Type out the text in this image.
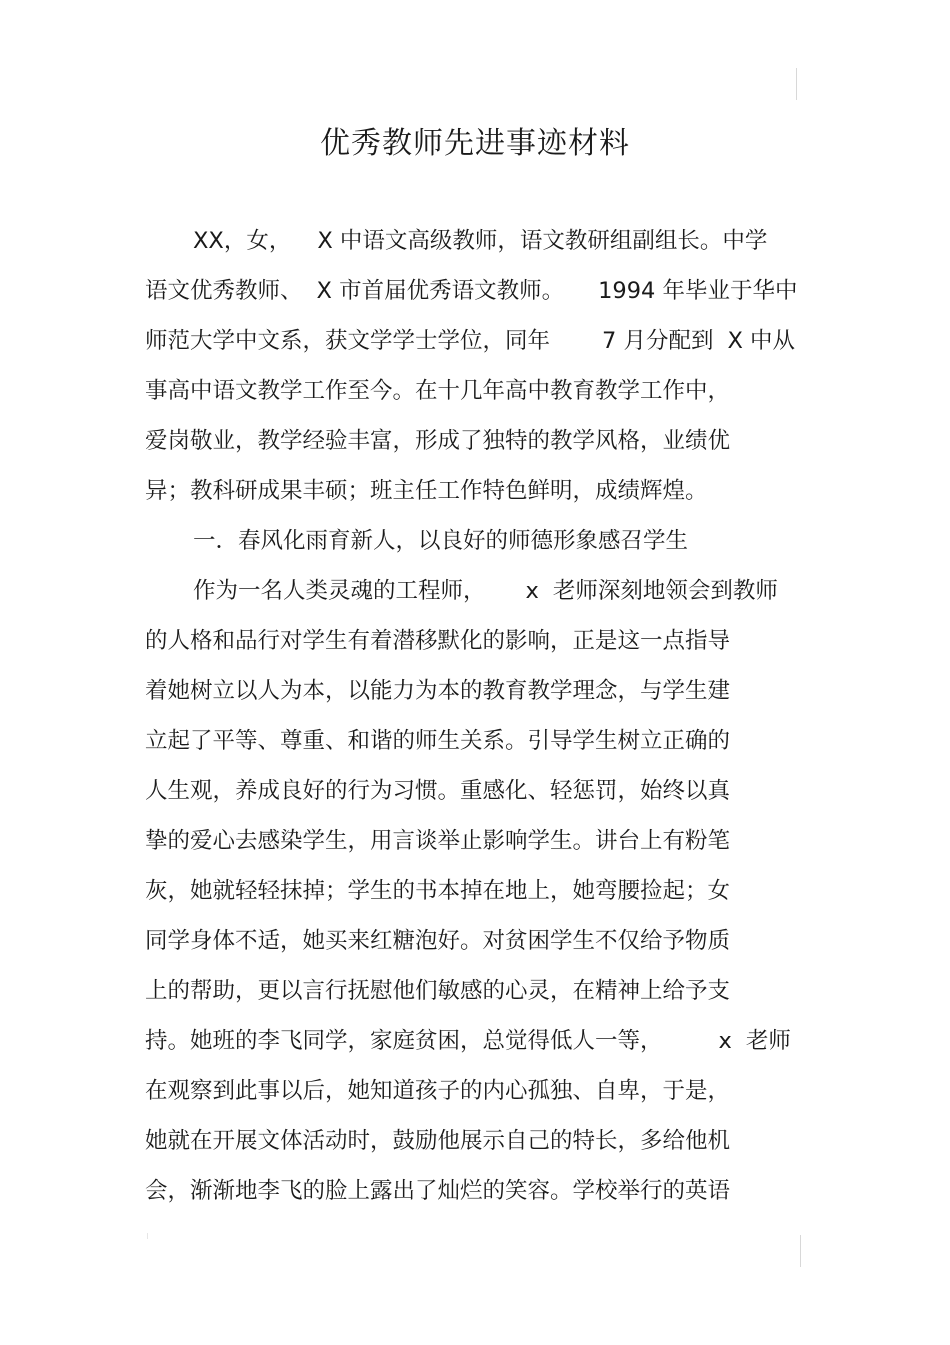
优秀教师先进事迹材料
XX，女， X 中语文高级教师，语文教研组副组长。中学
语文优秀教师、 X 市首届优秀语文教师。 1994 年毕业于华中
师范大学中文系，获文学学士学位，同年 7 月分配到 X 中从
事高中语文教学工作至今。在十几年高中教育教学工作中，
爱岗敬业，教学经验丰富，形成了独特的教学风格，业绩优
异；教科研成果丰硕；班主任工作特色鲜明，成绩辉煌。
一．春风化雨育新人，以良好的师德形象感召学生
作为一名人类灵魂的工程师， x 老师深刻地领会到教师
的人格和品行对学生有着潜移默化的影响，正是这一点指导
着她树立以人为本，以能力为本的教育教学理念，与学生建
立起了平等、尊重、和谐的师生关系。引导学生树立正确的
人生观，养成良好的行为习惯。重感化、轻惩罚，始终以真
挚的爱心去感染学生，用言谈举止影响学生。讲台上有粉笔
灰，她就轻轻抹掉；学生的书本掉在地上，她弯腰捡起；女
同学身体不适，她买来红糖泡好。对贫困学生不仅给予物质
上的帮助，更以言行抚慰他们敏感的心灵，在精神上给予支
持。她班的李飞同学，家庭贫困，总觉得低人一等， x 老师
在观察到此事以后，她知道孩子的内心孤独、自卑，于是，
她就在开展文体活动时，鼓励他展示自己的特长，多给他机
会，渐渐地李飞的脸上露出了灿烂的笑容。学校举行的英语
